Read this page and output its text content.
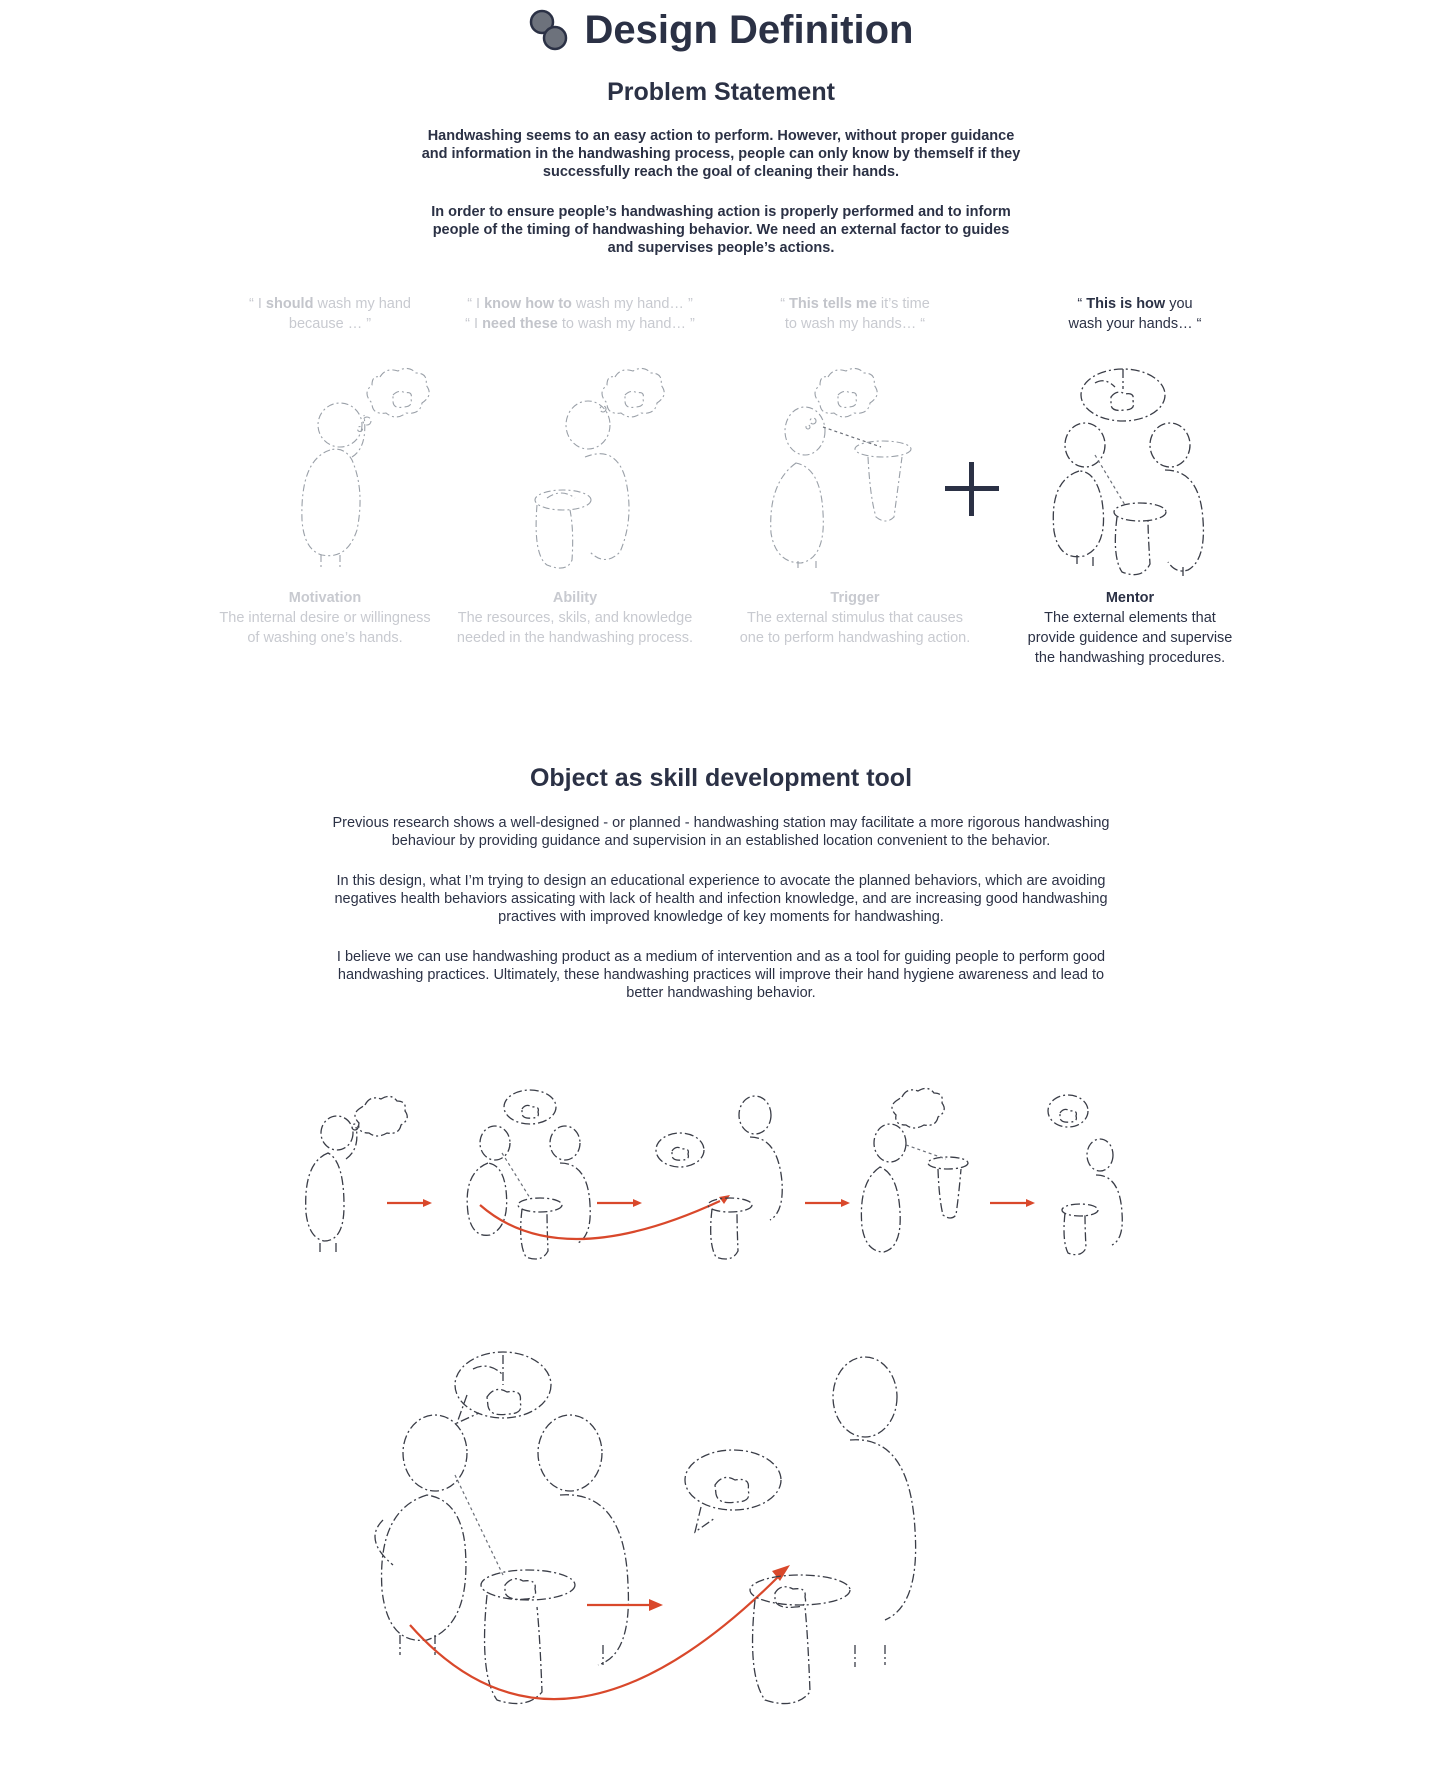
Design Definition
Problem Statement
Handwashing seems to an easy action to perform. However, without proper guidance and information in the handwashing process, people can only know by themself if they successfully reach the goal of cleaning their hands.
In order to ensure people’s handwashing action is properly performed and to inform people of the timing of handwashing behavior. We need an external factor to guides and supervises people’s actions.
“ I should wash my hand
because … ”
“ I know how to wash my hand… ”
“ I need these to wash my hand… ”
“ This tells me it’s time
to wash my hands… “
“ This is how you
wash your hands… “
Motivation
The internal desire or willingness
of washing one’s hands.
Ability
The resources, skils, and knowledge
needed in the handwashing process.
Trigger
The external stimulus that causes
one to perform handwashing action.
Mentor
The external elements that
provide guidence and supervise
the handwashing procedures.
Object as skill development tool
Previous research shows a well-designed - or planned - handwashing station may facilitate a more rigorous handwashing behaviour by providing guidance and supervision in an established location convenient to the behavior.
In this design, what I’m trying to design an educational experience to avocate the planned behaviors, which are avoiding negatives health behaviors assicating with lack of health and infection knowledge, and are increasing good handwashing practives with improved knowledge of key moments for handwashing.
I believe we can use handwashing product as a medium of intervention and as a tool for guiding people to perform good handwashing practices. Ultimately, these handwashing practices will improve their hand hygiene awareness and lead to better handwashing behavior.
